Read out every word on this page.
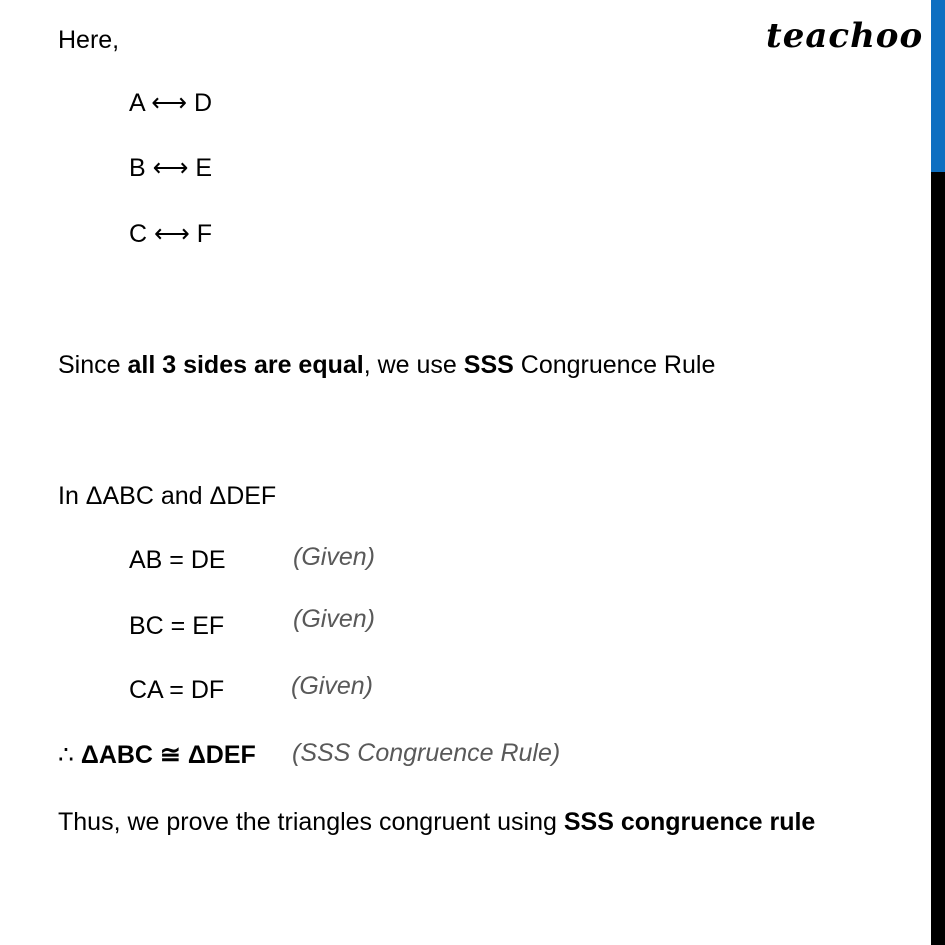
teachoo
Here,
A ⟷ D
B ⟷ E
C ⟷ F
Since all 3 sides are equal, we use SSS Congruence Rule
In ΔABC and ΔDEF
AB = DE	(Given)
BC = EF	(Given)
CA = DF	(Given)
∴ ΔABC ≅ ΔDEF (SSS Congruence Rule)
Thus, we prove the triangles congruent using SSS congruence rule
